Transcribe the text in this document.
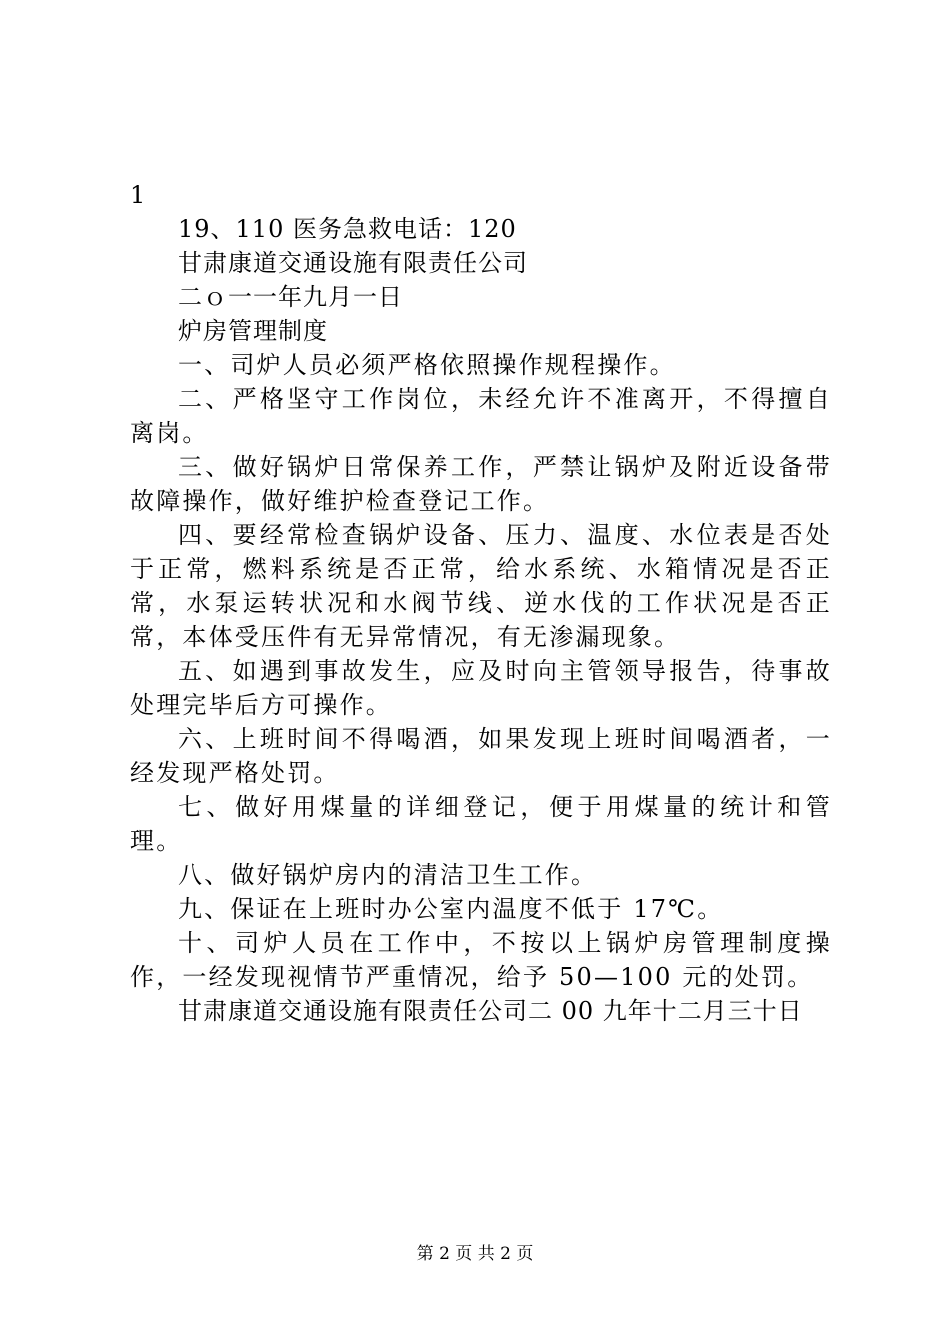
1

19、110 医务急救电话：120

甘肃康道交通设施有限责任公司

二ｏ一一年九月一日

炉房管理制度

一、司炉人员必须严格依照操作规程操作。

二、严格坚守工作岗位，未经允许不准离开，不得擅自离岗。

三、做好锅炉日常保养工作，严禁让锅炉及附近设备带故障操作，做好维护检查登记工作。

四、要经常检查锅炉设备、压力、温度、水位表是否处于正常，燃料系统是否正常，给水系统、水箱情况是否正常，水泵运转状况和水阀节线、逆水伐的工作状况是否正常，本体受压件有无异常情况，有无渗漏现象。

五、如遇到事故发生，应及时向主管领导报告，待事故处理完毕后方可操作。

六、上班时间不得喝酒，如果发现上班时间喝酒者，一经发现严格处罚。

七、做好用煤量的详细登记，便于用煤量的统计和管理。

八、做好锅炉房内的清洁卫生工作。

九、保证在上班时办公室内温度不低于 17℃。

十、司炉人员在工作中，不按以上锅炉房管理制度操作，一经发现视情节严重情况，给予 50—100 元的处罚。

甘肃康道交通设施有限责任公司二 00 九年十二月三十日

第 2 页 共 2 页
